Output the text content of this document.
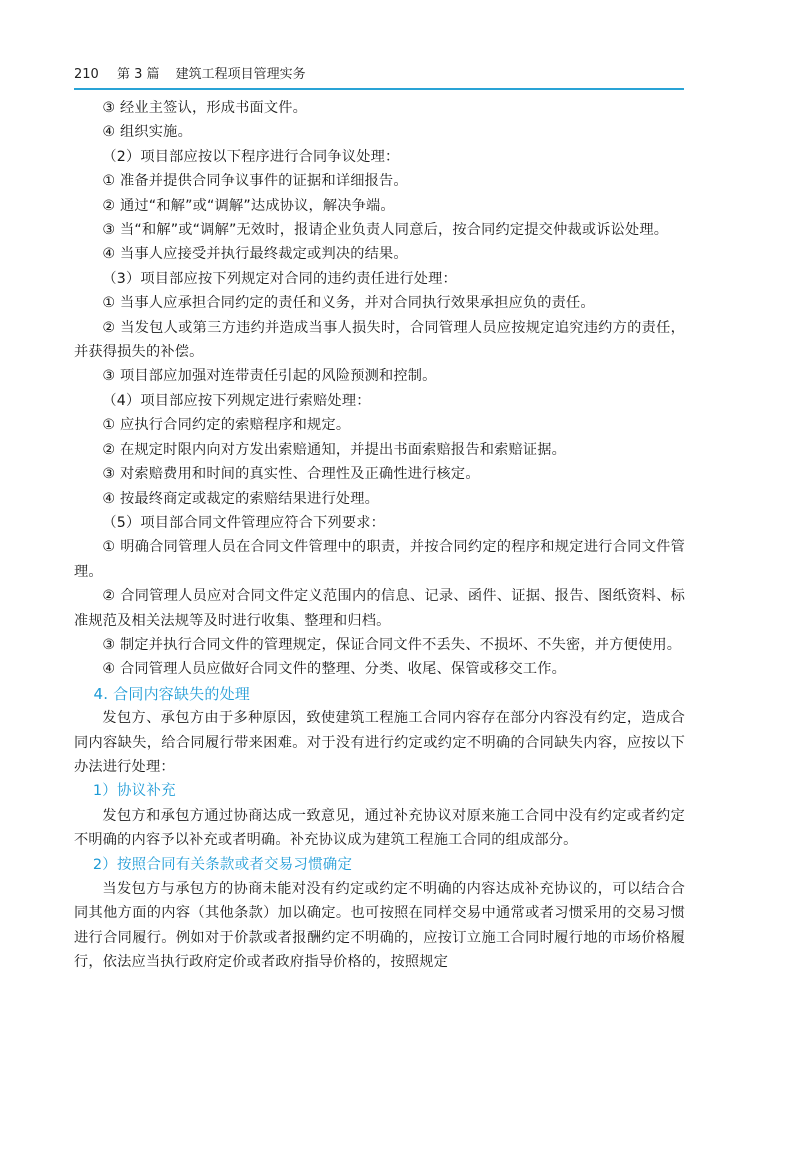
210 第 3 篇 建筑工程项目管理实务

③ 经业主签认，形成书面文件。

④ 组织实施。

（2）项目部应按以下程序进行合同争议处理：

① 准备并提供合同争议事件的证据和详细报告。

② 通过“和解”或“调解”达成协议，解决争端。

③ 当“和解”或“调解”无效时，报请企业负责人同意后，按合同约定提交仲裁或诉讼处理。

④ 当事人应接受并执行最终裁定或判决的结果。

（3）项目部应按下列规定对合同的违约责任进行处理：

① 当事人应承担合同约定的责任和义务，并对合同执行效果承担应负的责任。

② 当发包人或第三方违约并造成当事人损失时，合同管理人员应按规定追究违约方的责任，并获得损失的补偿。

③ 项目部应加强对连带责任引起的风险预测和控制。

（4）项目部应按下列规定进行索赔处理：

① 应执行合同约定的索赔程序和规定。

② 在规定时限内向对方发出索赔通知，并提出书面索赔报告和索赔证据。

③ 对索赔费用和时间的真实性、合理性及正确性进行核定。

④ 按最终商定或裁定的索赔结果进行处理。

（5）项目部合同文件管理应符合下列要求：

① 明确合同管理人员在合同文件管理中的职责，并按合同约定的程序和规定进行合同文件管理。

② 合同管理人员应对合同文件定义范围内的信息、记录、函件、证据、报告、图纸资料、标准规范及相关法规等及时进行收集、整理和归档。

③ 制定并执行合同文件的管理规定，保证合同文件不丢失、不损坏、不失密，并方便使用。

④ 合同管理人员应做好合同文件的整理、分类、收尾、保管或移交工作。

4. 合同内容缺失的处理

发包方、承包方由于多种原因，致使建筑工程施工合同内容存在部分内容没有约定，造成合同内容缺失，给合同履行带来困难。对于没有进行约定或约定不明确的合同缺失内容，应按以下办法进行处理：

1）协议补充

发包方和承包方通过协商达成一致意见，通过补充协议对原来施工合同中没有约定或者约定不明确的内容予以补充或者明确。补充协议成为建筑工程施工合同的组成部分。

2）按照合同有关条款或者交易习惯确定

当发包方与承包方的协商未能对没有约定或约定不明确的内容达成补充协议的，可以结合合同其他方面的内容（其他条款）加以确定。也可按照在同样交易中通常或者习惯采用的交易习惯进行合同履行。例如对于价款或者报酬约定不明确的，应按订立施工合同时履行地的市场价格履行，依法应当执行政府定价或者政府指导价格的，按照规定
